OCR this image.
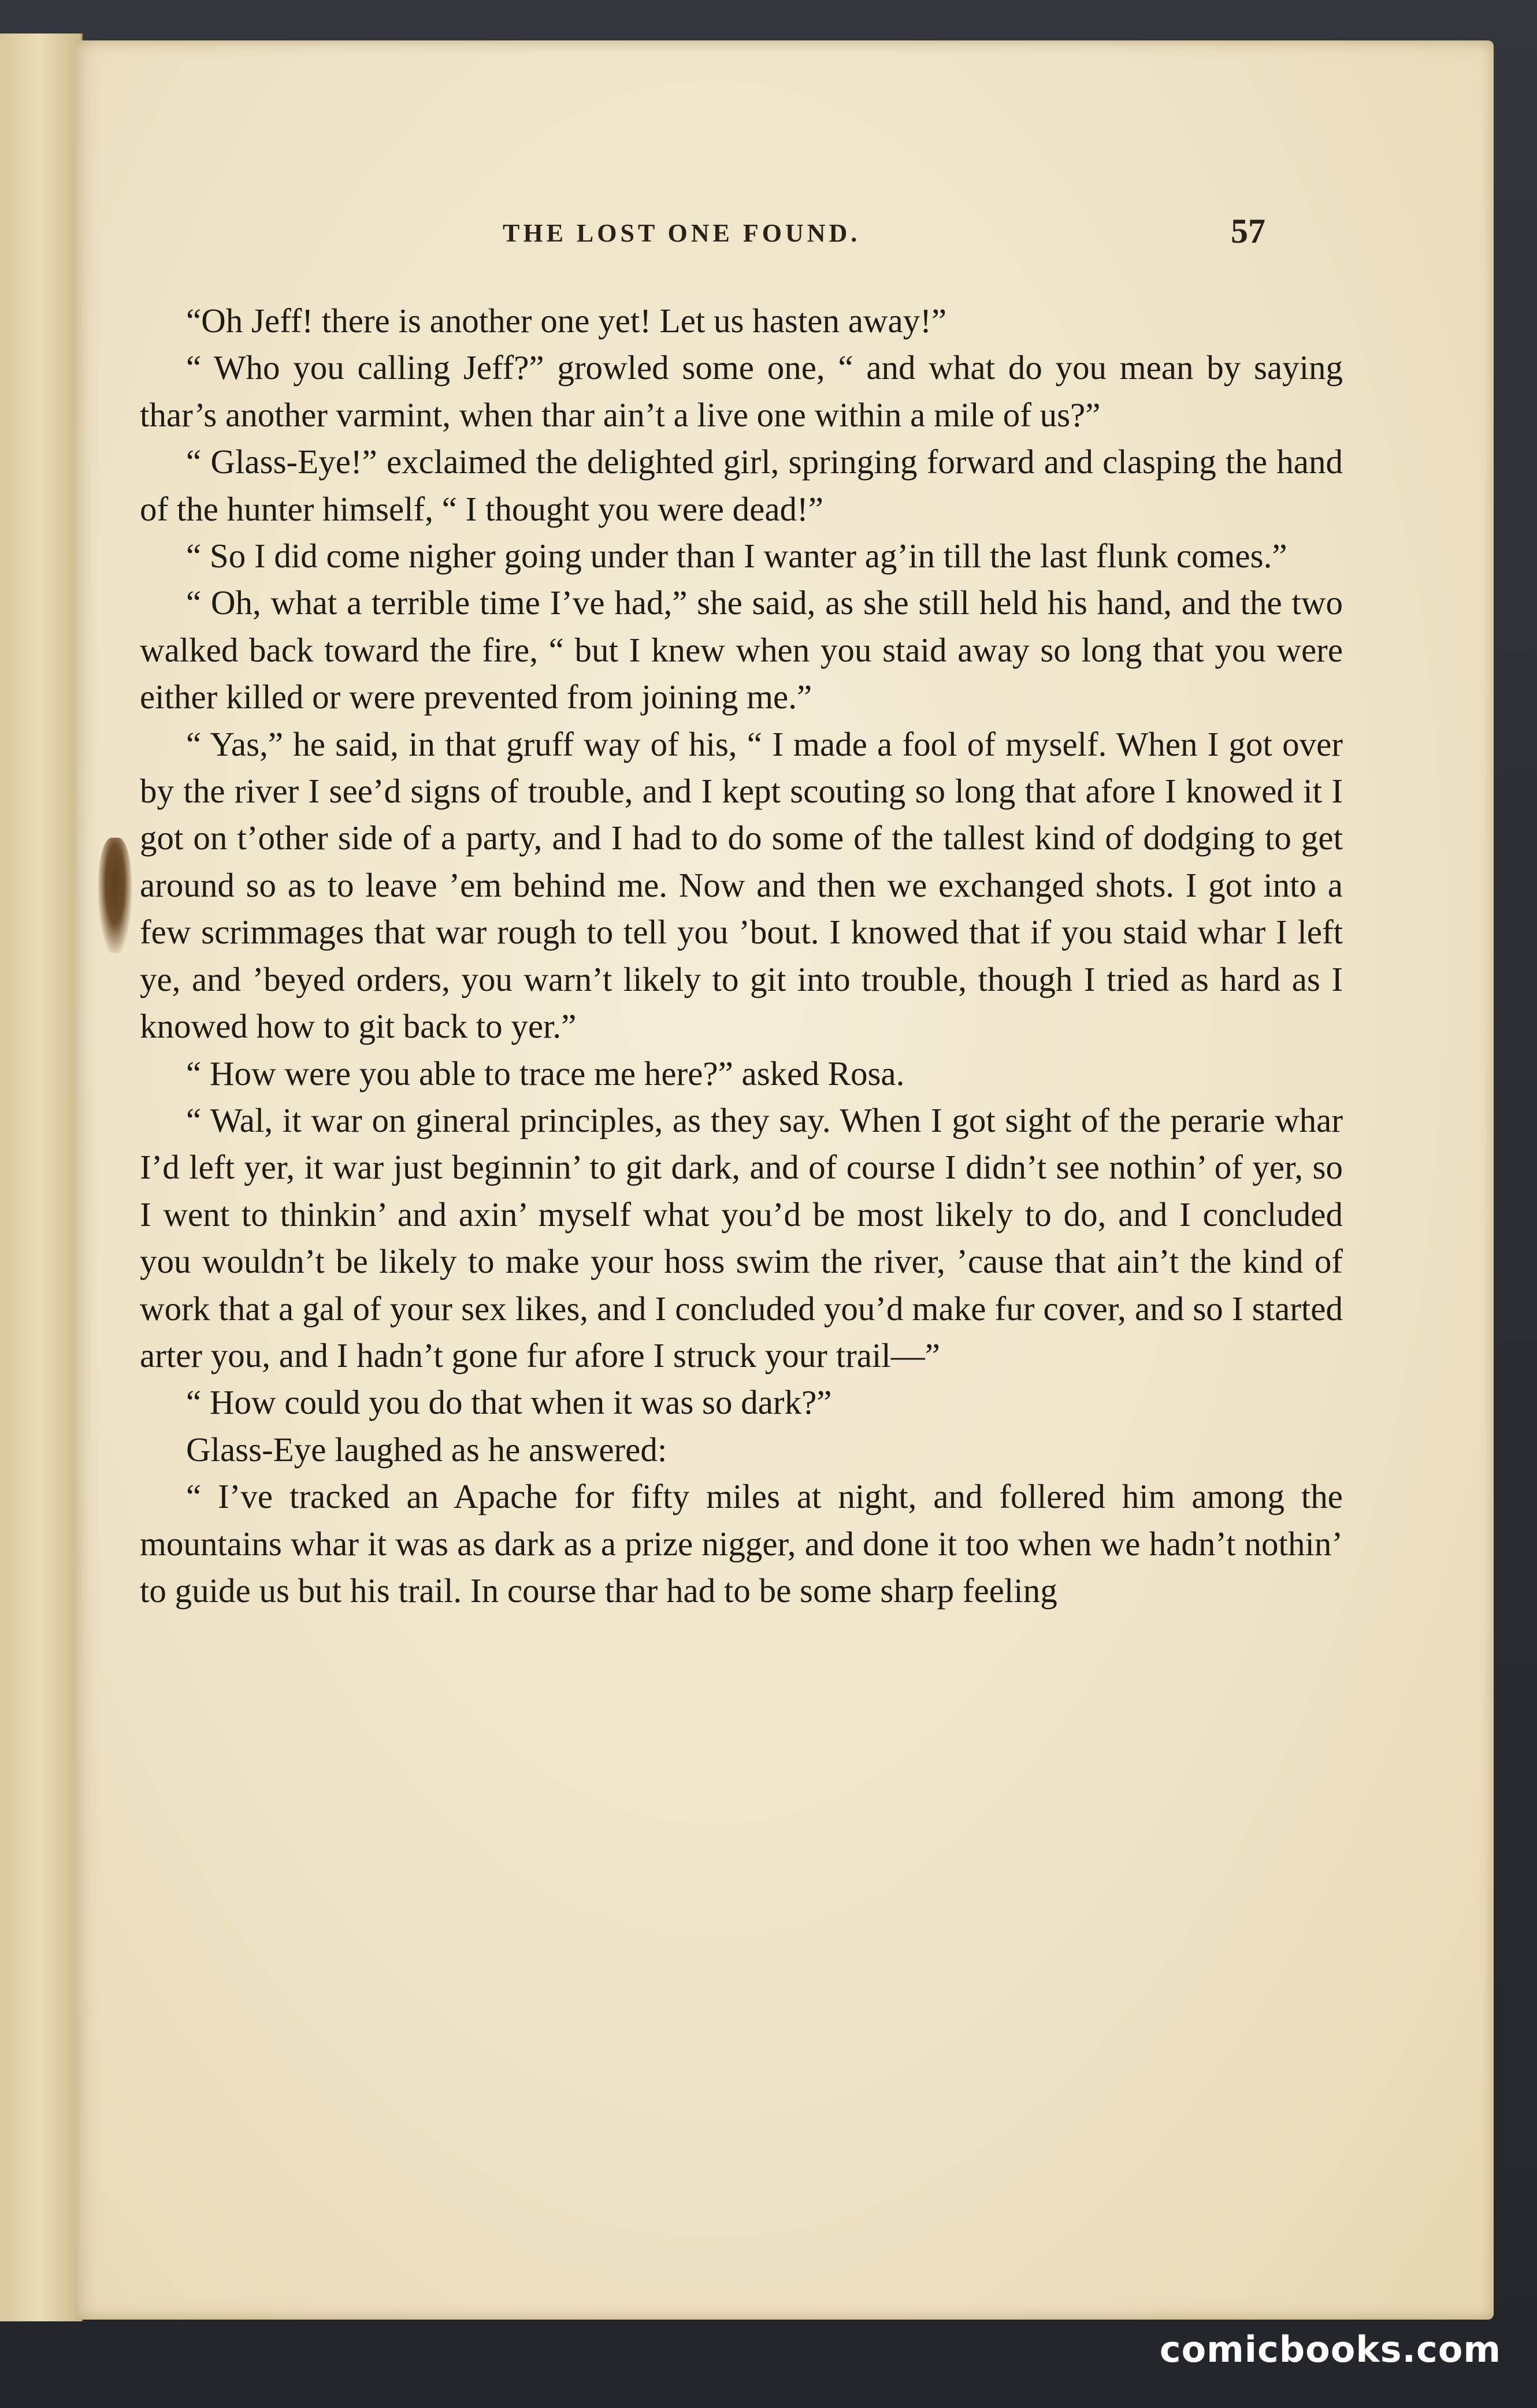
THE LOST ONE FOUND.	57

“Oh Jeff! there is another one yet! Let us hasten away!”

“ Who you calling Jeff?” growled some one, “ and what do you mean by saying thar’s another varmint, when thar ain’t a live one within a mile of us?”

“ Glass-Eye!” exclaimed the delighted girl, springing forward and clasping the hand of the hunter himself, “ I thought you were dead!”

“ So I did come nigher going under than I wanter ag’in till the last flunk comes.”

“ Oh, what a terrible time I’ve had,” she said, as she still held his hand, and the two walked back toward the fire, “ but I knew when you staid away so long that you were either killed or were prevented from joining me.”

“ Yas,” he said, in that gruff way of his, “ I made a fool of myself. When I got over by the river I see’d signs of trouble, and I kept scouting so long that afore I knowed it I got on t’other side of a party, and I had to do some of the tallest kind of dodging to get around so as to leave ’em behind me. Now and then we exchanged shots. I got into a few scrimmages that war rough to tell you ’bout. I knowed that if you staid whar I left ye, and ’beyed orders, you warn’t likely to git into trouble, though I tried as hard as I knowed how to git back to yer.”

“ How were you able to trace me here?” asked Rosa.

“ Wal, it war on gineral principles, as they say. When I got sight of the perarie whar I’d left yer, it war just beginnin’ to git dark, and of course I didn’t see nothin’ of yer, so I went to thinkin’ and axin’ myself what you’d be most likely to do, and I concluded you wouldn’t be likely to make your hoss swim the river, ’cause that ain’t the kind of work that a gal of your sex likes, and I concluded you’d make fur cover, and so I started arter you, and I hadn’t gone fur afore I struck your trail—”

“ How could you do that when it was so dark?”

Glass-Eye laughed as he answered:

“ I’ve tracked an Apache for fifty miles at night, and follered him among the mountains whar it was as dark as a prize nigger, and done it too when we hadn’t nothin’ to guide us but his trail. In course thar had to be some sharp feeling

comicbooks.com
